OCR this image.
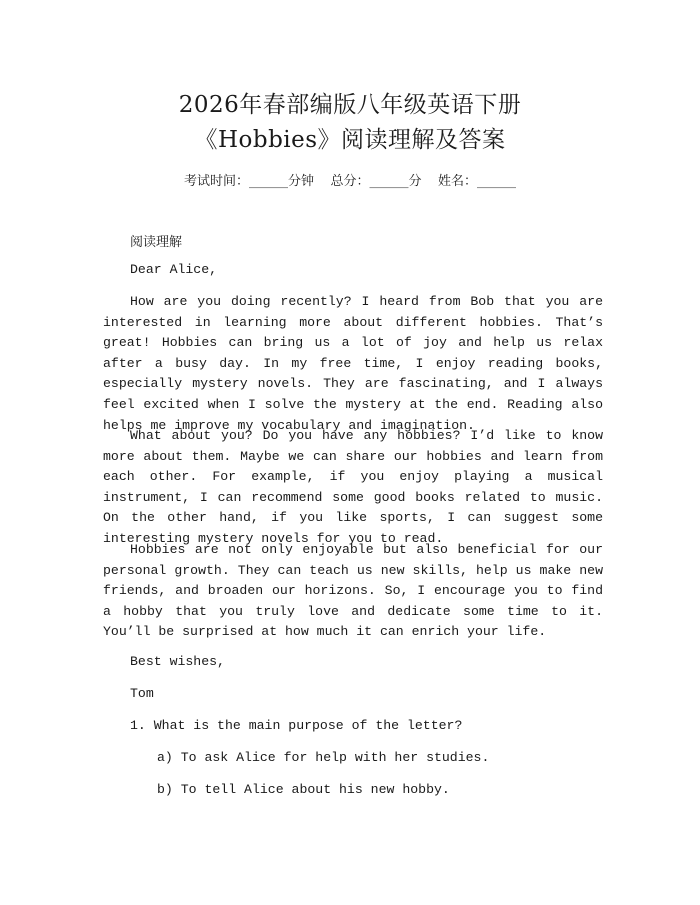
2026年春部编版八年级英语下册
《Hobbies》阅读理解及答案
考试时间：______分钟    总分：______分    姓名：______
阅读理解
Dear Alice,
How are you doing recently? I heard from Bob that you are interested in learning more about different hobbies. That’s great! Hobbies can bring us a lot of joy and help us relax after a busy day. In my free time, I enjoy reading books, especially mystery novels. They are fascinating, and I always feel excited when I solve the mystery at the end. Reading also helps me improve my vocabulary and imagination.
What about you? Do you have any hobbies? I’d like to know more about them. Maybe we can share our hobbies and learn from each other. For example, if you enjoy playing a musical instrument, I can recommend some good books related to music. On the other hand, if you like sports, I can suggest some interesting mystery novels for you to read.
Hobbies are not only enjoyable but also beneficial for our personal growth. They can teach us new skills, help us make new friends, and broaden our horizons. So, I encourage you to find a hobby that you truly love and dedicate some time to it. You’ll be surprised at how much it can enrich your life.
Best wishes,
Tom
1. What is the main purpose of the letter?
a) To ask Alice for help with her studies.
b) To tell Alice about his new hobby.
